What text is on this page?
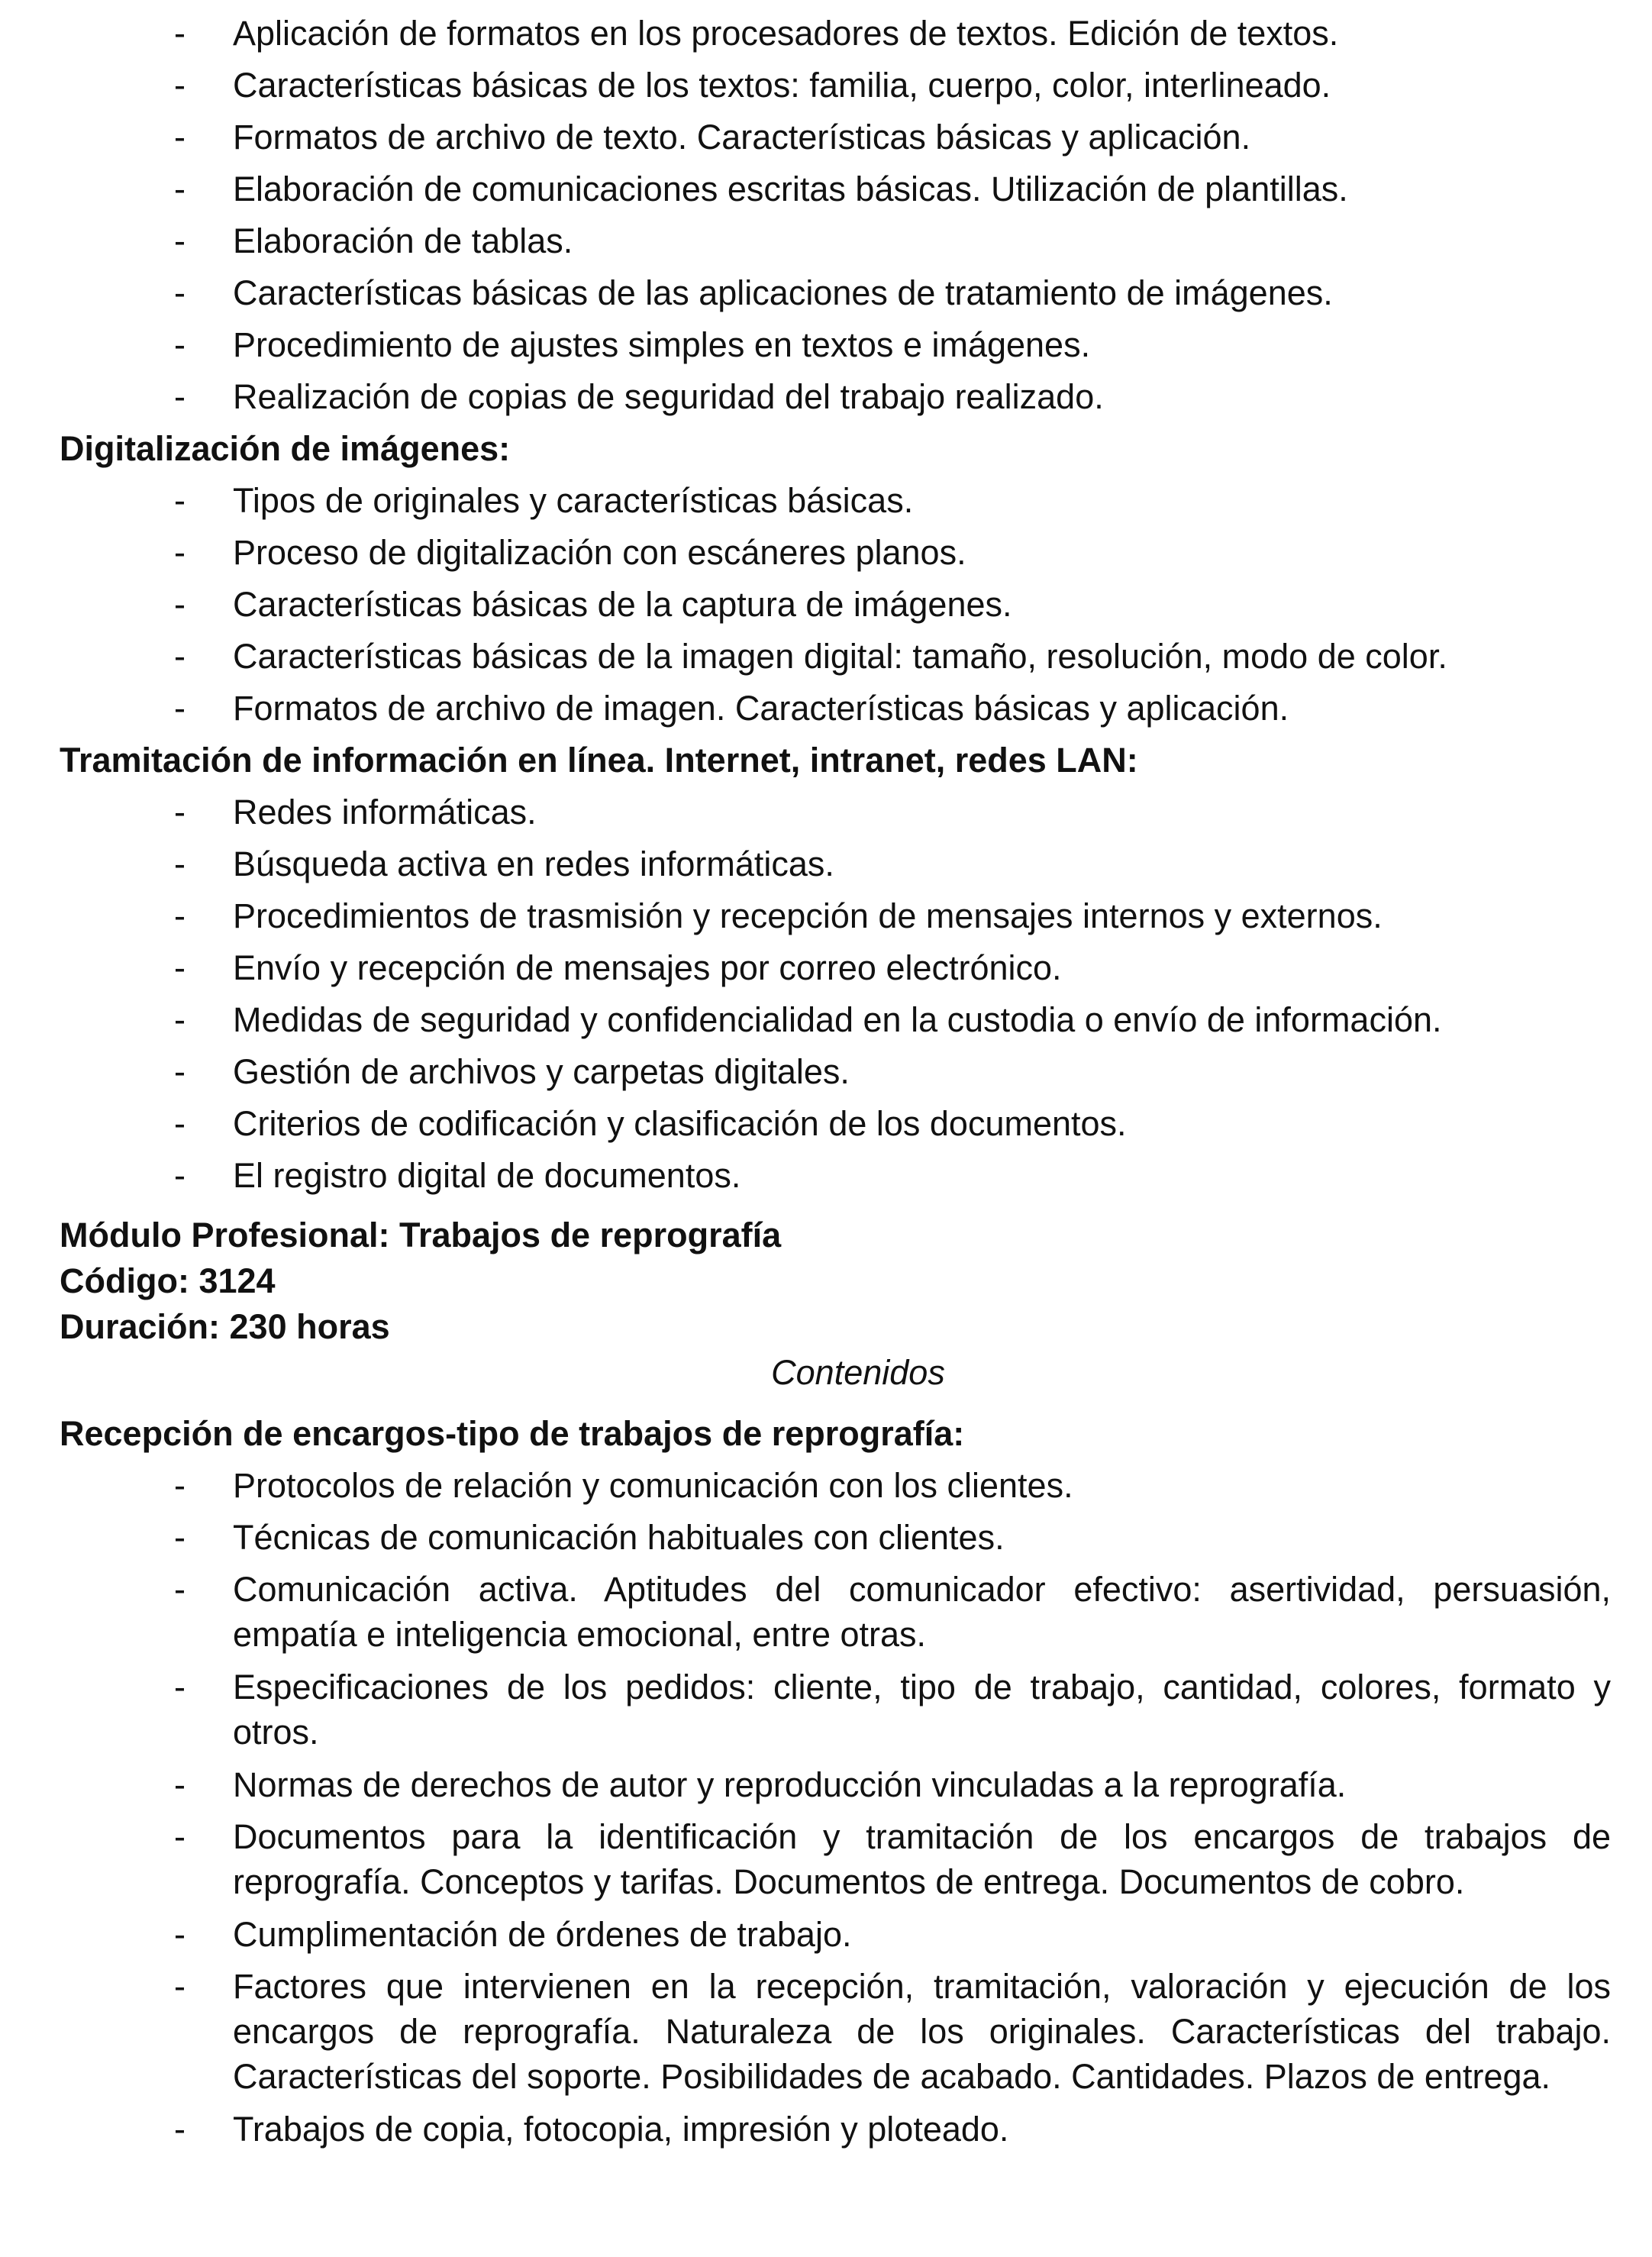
-	Aplicación de formatos en los procesadores de textos. Edición de textos.
-	Características básicas de los textos: familia, cuerpo, color, interlineado.
-	Formatos de archivo de texto. Características básicas y aplicación.
-	Elaboración de comunicaciones escritas básicas. Utilización de plantillas.
-	Elaboración de tablas.
-	Características básicas de las aplicaciones de tratamiento de imágenes.
-	Procedimiento de ajustes simples en textos e imágenes.
-	Realización de copias de seguridad del trabajo realizado.
Digitalización de imágenes:
-	Tipos de originales y características básicas.
-	Proceso de digitalización con escáneres planos.
-	Características básicas de la captura de imágenes.
-	Características básicas de la imagen digital: tamaño, resolución, modo de color.
-	Formatos de archivo de imagen. Características básicas y aplicación.
Tramitación de información en línea. Internet, intranet, redes LAN:
-	Redes informáticas.
-	Búsqueda activa en redes informáticas.
-	Procedimientos de trasmisión y recepción de mensajes internos y externos.
-	Envío y recepción de mensajes por correo electrónico.
-	Medidas de seguridad y confidencialidad en la custodia o envío de información.
-	Gestión de archivos y carpetas digitales.
-	Criterios de codificación y clasificación de los documentos.
-	El registro digital de documentos.
Módulo Profesional: Trabajos de reprografía
Código: 3124
Duración: 230 horas
Contenidos
Recepción de encargos-tipo de trabajos de reprografía:
-	Protocolos de relación y comunicación con los clientes.
-	Técnicas de comunicación habituales con clientes.
-	Comunicación activa. Aptitudes del comunicador efectivo: asertividad, persuasión, empatía e inteligencia emocional, entre otras.
-	Especificaciones de los pedidos: cliente, tipo de trabajo, cantidad, colores, formato y otros.
-	Normas de derechos de autor y reproducción vinculadas a la reprografía.
-	Documentos para la identificación y tramitación de los encargos de trabajos de reprografía. Conceptos y tarifas. Documentos de entrega. Documentos de cobro.
-	Cumplimentación de órdenes de trabajo.
-	Factores que intervienen en la recepción, tramitación, valoración y ejecución de los encargos de reprografía. Naturaleza de los originales. Características del trabajo. Características del soporte. Posibilidades de acabado. Cantidades. Plazos de entrega.
-	Trabajos de copia, fotocopia, impresión y ploteado.
